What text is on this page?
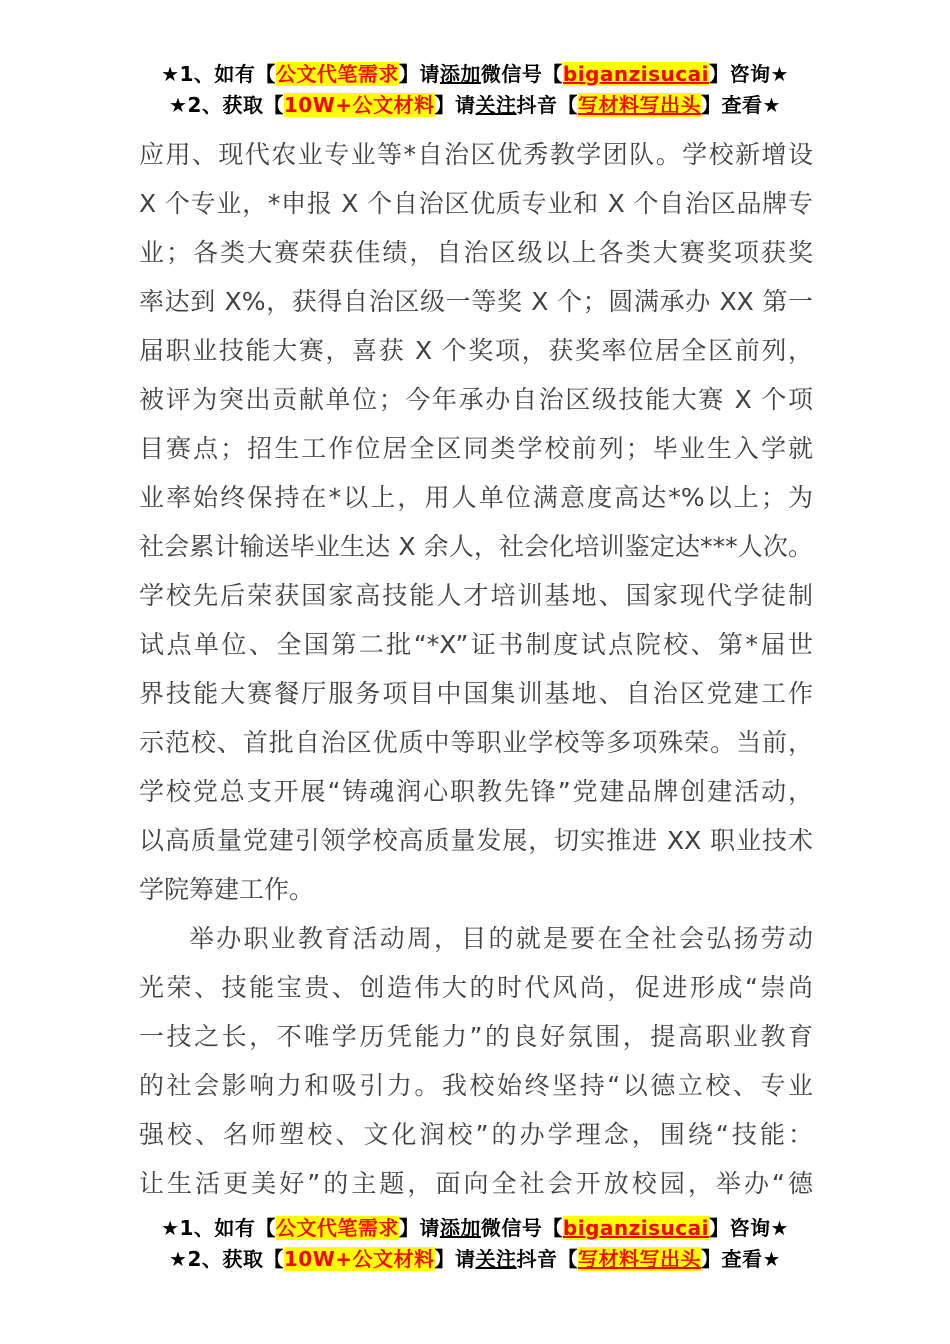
★1、如有【公文代笔需求】请添加微信号【biganzisucai】咨询★
★2、获取【10W+公文材料】请关注抖音【写材料写出头】查看★
应用、现代农业专业等*自治区优秀教学团队。学校新增设
X 个专业，*申报 X 个自治区优质专业和 X 个自治区品牌专
业；各类大赛荣获佳绩，自治区级以上各类大赛奖项获奖
率达到 X%，获得自治区级一等奖 X 个；圆满承办 XX 第一
届职业技能大赛，喜获 X 个奖项，获奖率位居全区前列，
被评为突出贡献单位；今年承办自治区级技能大赛 X 个项
目赛点；招生工作位居全区同类学校前列；毕业生入学就
业率始终保持在*以上，用人单位满意度高达*%以上；为
社会累计输送毕业生达 X 余人，社会化培训鉴定达***人次。
学校先后荣获国家高技能人才培训基地、国家现代学徒制
试点单位、全国第二批“*X”证书制度试点院校、第*届世
界技能大赛餐厅服务项目中国集训基地、自治区党建工作
示范校、首批自治区优质中等职业学校等多项殊荣。当前，
学校党总支开展“铸魂润心职教先锋”党建品牌创建活动，
以高质量党建引领学校高质量发展，切实推进 XX 职业技术
学院筹建工作。
举办职业教育活动周，目的就是要在全社会弘扬劳动
光荣、技能宝贵、创造伟大的时代风尚，促进形成“崇尚
一技之长，不唯学历凭能力”的良好氛围，提高职业教育
的社会影响力和吸引力。我校始终坚持“以德立校、专业
强校、名师塑校、文化润校”的办学理念，围绕“技能：
让生活更美好”的主题，面向全社会开放校园，举办“德
★1、如有【公文代笔需求】请添加微信号【biganzisucai】咨询★
★2、获取【10W+公文材料】请关注抖音【写材料写出头】查看★
